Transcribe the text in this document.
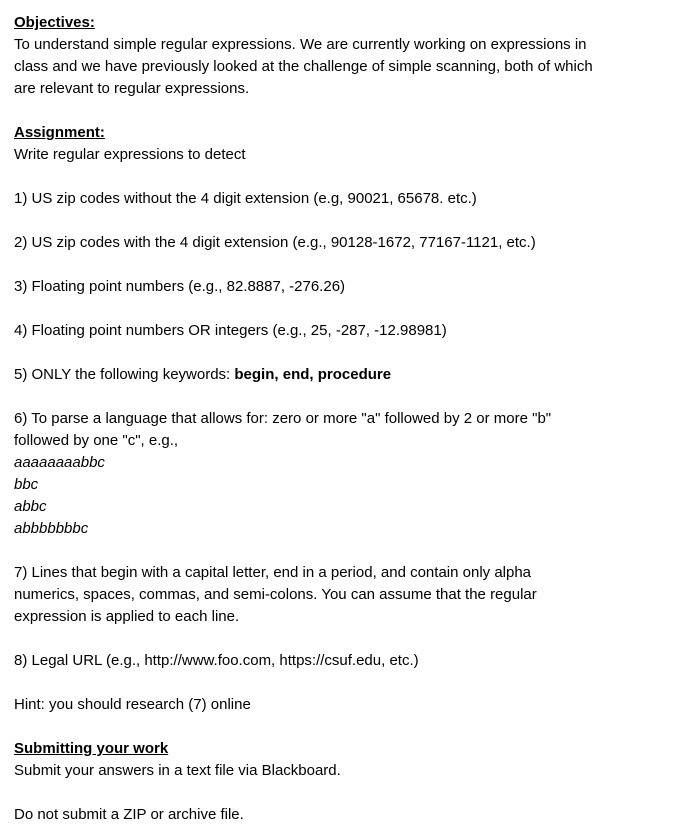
Objectives:

To understand simple regular expressions. We are currently working on expressions in

class and we have previously looked at the challenge of simple scanning, both of which

are relevant to regular expressions.

Assignment:

Write regular expressions to detect

1) US zip codes without the 4 digit extension (e.g, 90021, 65678. etc.)

2) US zip codes with the 4 digit extension (e.g., 90128-1672, 77167-1121, etc.)

3) Floating point numbers (e.g., 82.8887, -276.26)

4) Floating point numbers OR integers (e.g., 25, -287, -12.98981)

5) ONLY the following keywords: begin, end, procedure

6) To parse a language that allows for: zero or more "a" followed by 2 or more "b"

followed by one "c", e.g.,

aaaaaaaabbc

bbc

abbc

abbbbbbbc

7) Lines that begin with a capital letter, end in a period, and contain only alpha

numerics, spaces, commas, and semi-colons. You can assume that the regular

expression is applied to each line.

8) Legal URL (e.g., http://www.foo.com, https://csuf.edu, etc.)

Hint: you should research (7) online

Submitting your work

Submit your answers in a text file via Blackboard.

Do not submit a ZIP or archive file.
